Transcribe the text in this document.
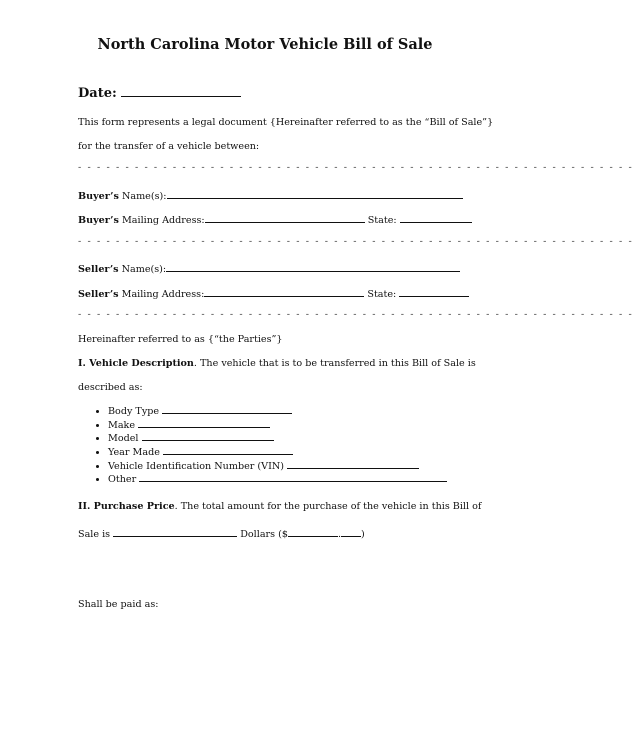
North Carolina Motor Vehicle Bill of Sale
Date:
This form represents a legal document {Hereinafter referred to as the “Bill of Sale”}
for the transfer of a vehicle between:
- - - - - - - - - - - - - - - - - - - - - - - - - - - - - - - - - - - - - - - - - - - - - - - - - - - - - - - - - - -
Buyer’s Name(s):
Buyer’s Mailing Address:	State:
- - - - - - - - - - - - - - - - - - - - - - - - - - - - - - - - - - - - - - - - - - - - - - - - - - - - - - - - - - -
Seller’s Name(s):
Seller’s Mailing Address:	State:
- - - - - - - - - - - - - - - - - - - - - - - - - - - - - - - - - - - - - - - - - - - - - - - - - - - - - - - - - - -
Hereinafter referred to as {“the Parties”}
I. Vehicle Description. The vehicle that is to be transferred in this Bill of Sale is
described as:
• Body Type
• Make
• Model
• Year Made
• Vehicle Identification Number (VIN)
• Other
II. Purchase Price. The total amount for the purchase of the vehicle in this Bill of
Sale is	Dollars ($	. )
Shall be paid as:
